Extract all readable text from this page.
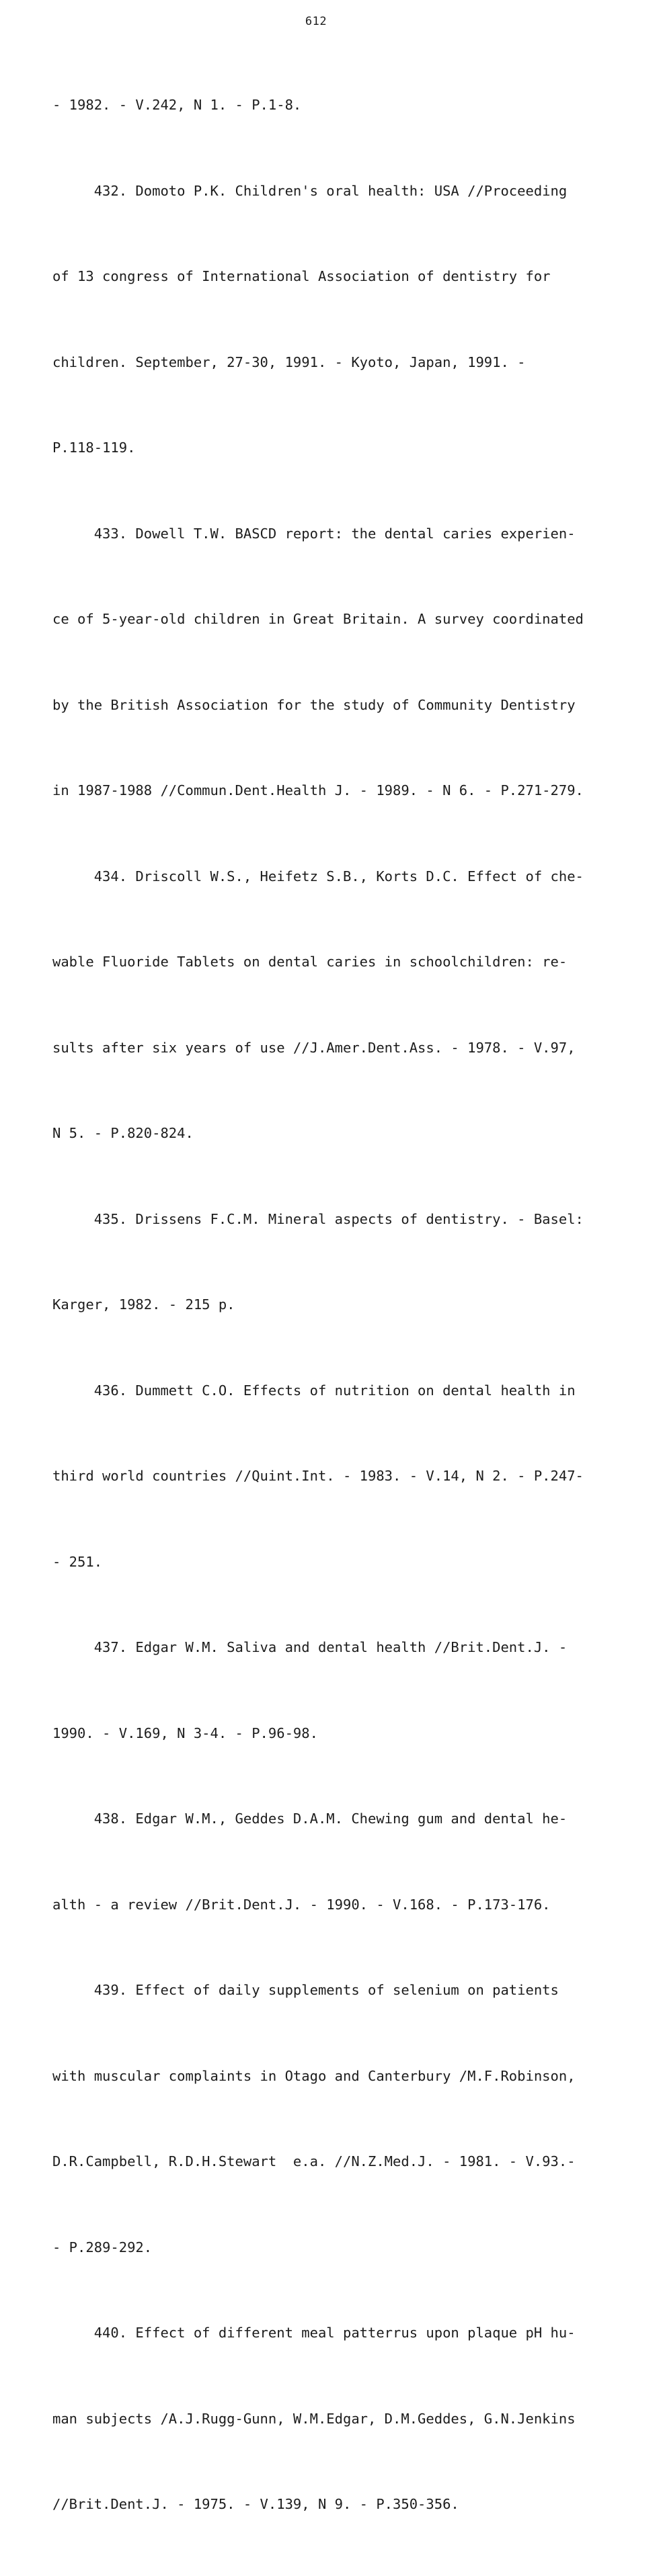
612

- 1982. - V.242, N 1. - P.1-8.

432. Domoto P.K. Children's oral health: USA //Proceeding

of 13 congress of International Association of dentistry for

children. September, 27-30, 1991. - Kyoto, Japan, 1991. -

P.118-119.

433. Dowell T.W. BASCD report: the dental caries experien-

ce of 5-year-old children in Great Britain. A survey coordinated

by the British Association for the study of Community Dentistry

in 1987-1988 //Commun.Dent.Health J. - 1989. - N 6. - P.271-279.

434. Driscoll W.S., Heifetz S.B., Korts D.C. Effect of che-

wable Fluoride Tablets on dental caries in schoolchildren: re-

sults after six years of use //J.Amer.Dent.Ass. - 1978. - V.97,

N 5. - P.820-824.

435. Drissens F.C.M. Mineral aspects of dentistry. - Basel:

Karger, 1982. - 215 p.

436. Dummett C.O. Effects of nutrition on dental health in

third world countries //Quint.Int. - 1983. - V.14, N 2. - P.247-

- 251.

437. Edgar W.M. Saliva and dental health //Brit.Dent.J. -

1990. - V.169, N 3-4. - P.96-98.

438. Edgar W.M., Geddes D.A.M. Chewing gum and dental he-

alth - a review //Brit.Dent.J. - 1990. - V.168. - P.173-176.

439. Effect of daily supplements of selenium on patients

with muscular complaints in Otago and Canterbury /M.F.Robinson,

D.R.Campbell, R.D.H.Stewart  e.a. //N.Z.Med.J. - 1981. - V.93.-

- P.289-292.

440. Effect of different meal patterrus upon plaque pH hu-

man subjects /A.J.Rugg-Gunn, W.M.Edgar, D.M.Geddes, G.N.Jenkins

//Brit.Dent.J. - 1975. - V.139, N 9. - P.350-356.
